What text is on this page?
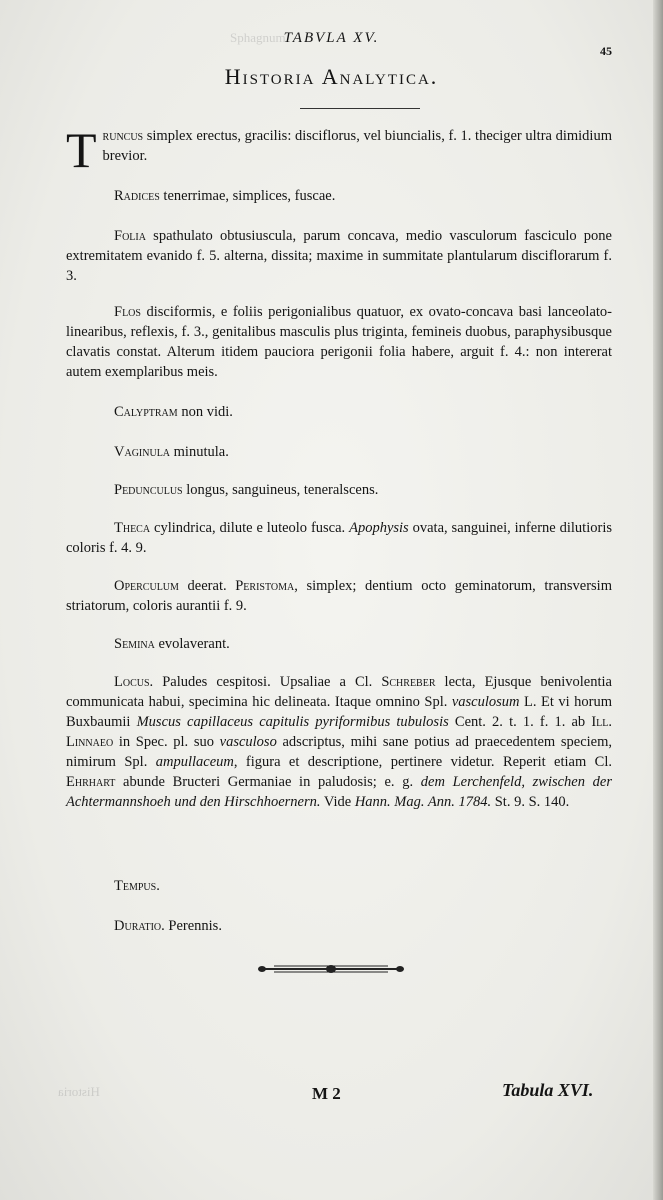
Sphagnum
TABVLA XV.
45
Historia Analytica.
Truncus simplex erectus, gracilis: disciflorus, vel biuncialis, f. 1. theciger ultra dimidium brevior.
Radices tenerrimae, simplices, fuscae.
Folia spathulato obtusiuscula, parum concava, medio vasculorum fasciculo pone extremitatem evanido f. 5. alterna, dissita; maxime in summitate plantularum disciflorarum f. 3.
Flos disciformis, e foliis perigonialibus quatuor, ex ovato-concava basi lanceolato-linearibus, reflexis, f. 3., genitalibus masculis plus triginta, femineis duobus, paraphysibusque clavatis constat. Alterum itidem pauciora perigonii folia habere, arguit f. 4.: non intererat autem exemplaribus meis.
Calyptram non vidi.
Vaginula minutula.
Pedunculus longus, sanguineus, teneralscens.
Theca cylindrica, dilute e luteolo fusca. Apophysis ovata, sanguinei, inferne dilutioris coloris f. 4. 9.
Operculum deerat. Peristoma, simplex; dentium octo geminatorum, transversim striatorum, coloris aurantii f. 9.
Semina evolaverant.
Locus. Paludes cespitosi. Upsaliae a Cl. Schreber lecta, Ejusque benivolentia communicata habui, specimina hic delineata. Itaque omnino Spl. vasculosum L. Et vi horum Buxbaumii Muscus capillaceus capitulis pyriformibus tubulosis Cent. 2. t. 1. f. 1. ab Ill. Linnaeo in Spec. pl. suo vasculoso adscriptus, mihi sane potius ad praecedentem speciem, nimirum Spl. ampullaceum, figura et descriptione, pertinere videtur. Reperit etiam Cl. Ehrhart abunde Bructeri Germaniae in paludosis; e. g. dem Lerchenfeld, zwischen der Achtermannshoeh und den Hirschhoernern. Vide Hann. Mag. Ann. 1784. St. 9. S. 140.
Tempus.
Duratio. Perennis.
Historia	M 2	Tabula XVI.
